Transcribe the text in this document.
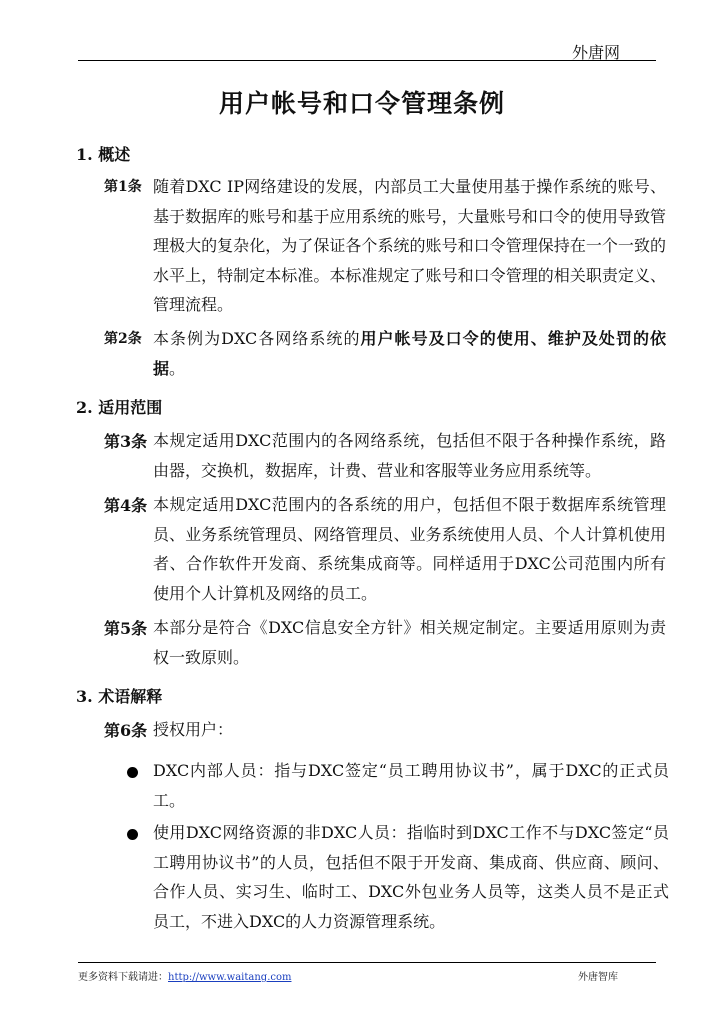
外唐网
用户帐号和口令管理条例
1. 概述
第1条 随着DXC IP网络建设的发展，内部员工大量使用基于操作系统的账号、基于数据库的账号和基于应用系统的账号，大量账号和口令的使用导致管理极大的复杂化，为了保证各个系统的账号和口令管理保持在一个一致的水平上，特制定本标准。本标准规定了账号和口令管理的相关职责定义、管理流程。
第2条 本条例为DXC各网络系统的用户帐号及口令的使用、维护及处罚的依据。
2. 适用范围
第3条 本规定适用DXC范围内的各网络系统，包括但不限于各种操作系统，路由器，交换机，数据库，计费、营业和客服等业务应用系统等。
第4条 本规定适用DXC范围内的各系统的用户，包括但不限于数据库系统管理员、业务系统管理员、网络管理员、业务系统使用人员、个人计算机使用者、合作软件开发商、系统集成商等。同样适用于DXC公司范围内所有使用个人计算机及网络的员工。
第5条 本部分是符合《DXC信息安全方针》相关规定制定。主要适用原则为责权一致原则。
3. 术语解释
第6条 授权用户：
DXC内部人员：指与DXC签定“员工聘用协议书”，属于DXC的正式员工。
使用DXC网络资源的非DXC人员：指临时到DXC工作不与DXC签定“员工聘用协议书”的人员，包括但不限于开发商、集成商、供应商、顾问、合作人员、实习生、临时工、DXC外包业务人员等，这类人员不是正式员工，不进入DXC的人力资源管理系统。
更多资料下载请进：http://www.waitang.com	外唐智库
